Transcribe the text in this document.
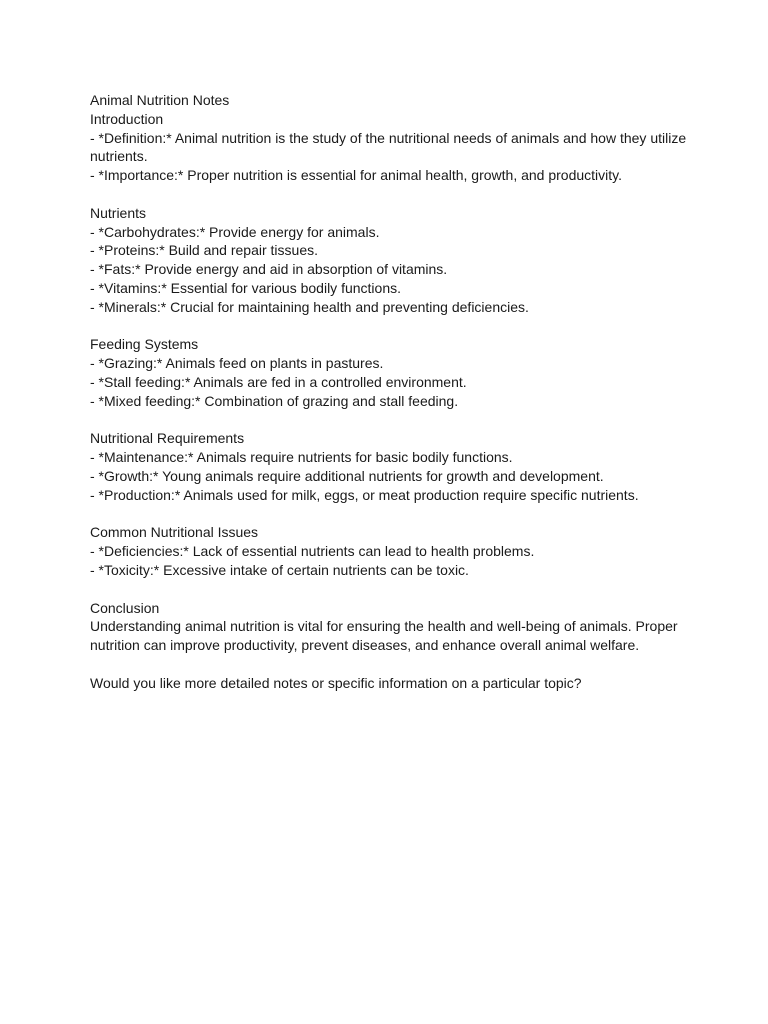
Animal Nutrition Notes

Introduction

- *Definition:* Animal nutrition is the study of the nutritional needs of animals and how they utilize nutrients.

- *Importance:* Proper nutrition is essential for animal health, growth, and productivity.

Nutrients

- *Carbohydrates:* Provide energy for animals.

- *Proteins:* Build and repair tissues.

- *Fats:* Provide energy and aid in absorption of vitamins.

- *Vitamins:* Essential for various bodily functions.

- *Minerals:* Crucial for maintaining health and preventing deficiencies.

Feeding Systems

- *Grazing:* Animals feed on plants in pastures.

- *Stall feeding:* Animals are fed in a controlled environment.

- *Mixed feeding:* Combination of grazing and stall feeding.

Nutritional Requirements

- *Maintenance:* Animals require nutrients for basic bodily functions.

- *Growth:* Young animals require additional nutrients for growth and development.

- *Production:* Animals used for milk, eggs, or meat production require specific nutrients.

Common Nutritional Issues

- *Deficiencies:* Lack of essential nutrients can lead to health problems.

- *Toxicity:* Excessive intake of certain nutrients can be toxic.

Conclusion

Understanding animal nutrition is vital for ensuring the health and well-being of animals. Proper nutrition can improve productivity, prevent diseases, and enhance overall animal welfare.

Would you like more detailed notes or specific information on a particular topic?
